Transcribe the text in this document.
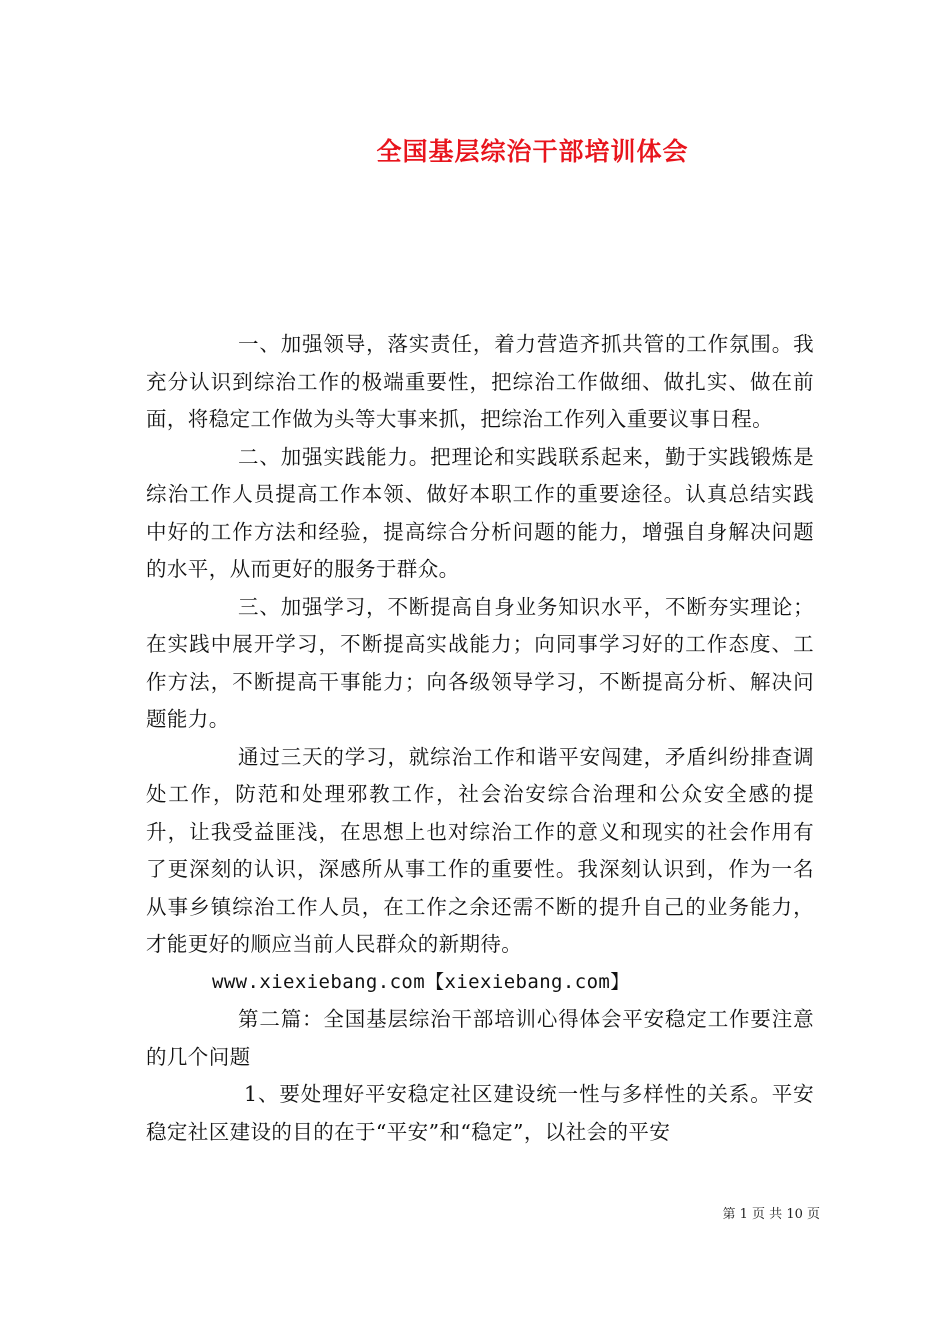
全国基层综治干部培训体会

一、加强领导，落实责任，着力营造齐抓共管的工作氛围。我充分认识到综治工作的极端重要性，把综治工作做细、做扎实、做在前面，将稳定工作做为头等大事来抓，把综治工作列入重要议事日程。

二、加强实践能力。把理论和实践联系起来，勤于实践锻炼是综治工作人员提高工作本领、做好本职工作的重要途径。认真总结实践中好的工作方法和经验，提高综合分析问题的能力，增强自身解决问题的水平，从而更好的服务于群众。

三、加强学习，不断提高自身业务知识水平，不断夯实理论；在实践中展开学习，不断提高实战能力；向同事学习好的工作态度、工作方法，不断提高干事能力；向各级领导学习，不断提高分析、解决问题能力。

通过三天的学习，就综治工作和谐平安闯建，矛盾纠纷排查调处工作，防范和处理邪教工作，社会治安综合治理和公众安全感的提升，让我受益匪浅，在思想上也对综治工作的意义和现实的社会作用有了更深刻的认识，深感所从事工作的重要性。我深刻认识到，作为一名从事乡镇综治工作人员，在工作之余还需不断的提升自己的业务能力，才能更好的顺应当前人民群众的新期待。

www.xiexiebang.com【xiexiebang.com】

第二篇：全国基层综治干部培训心得体会平安稳定工作要注意的几个问题

1、要处理好平安稳定社区建设统一性与多样性的关系。平安稳定社区建设的目的在于“平安”和“稳定”，以社会的平安

第 1 页 共 10 页
